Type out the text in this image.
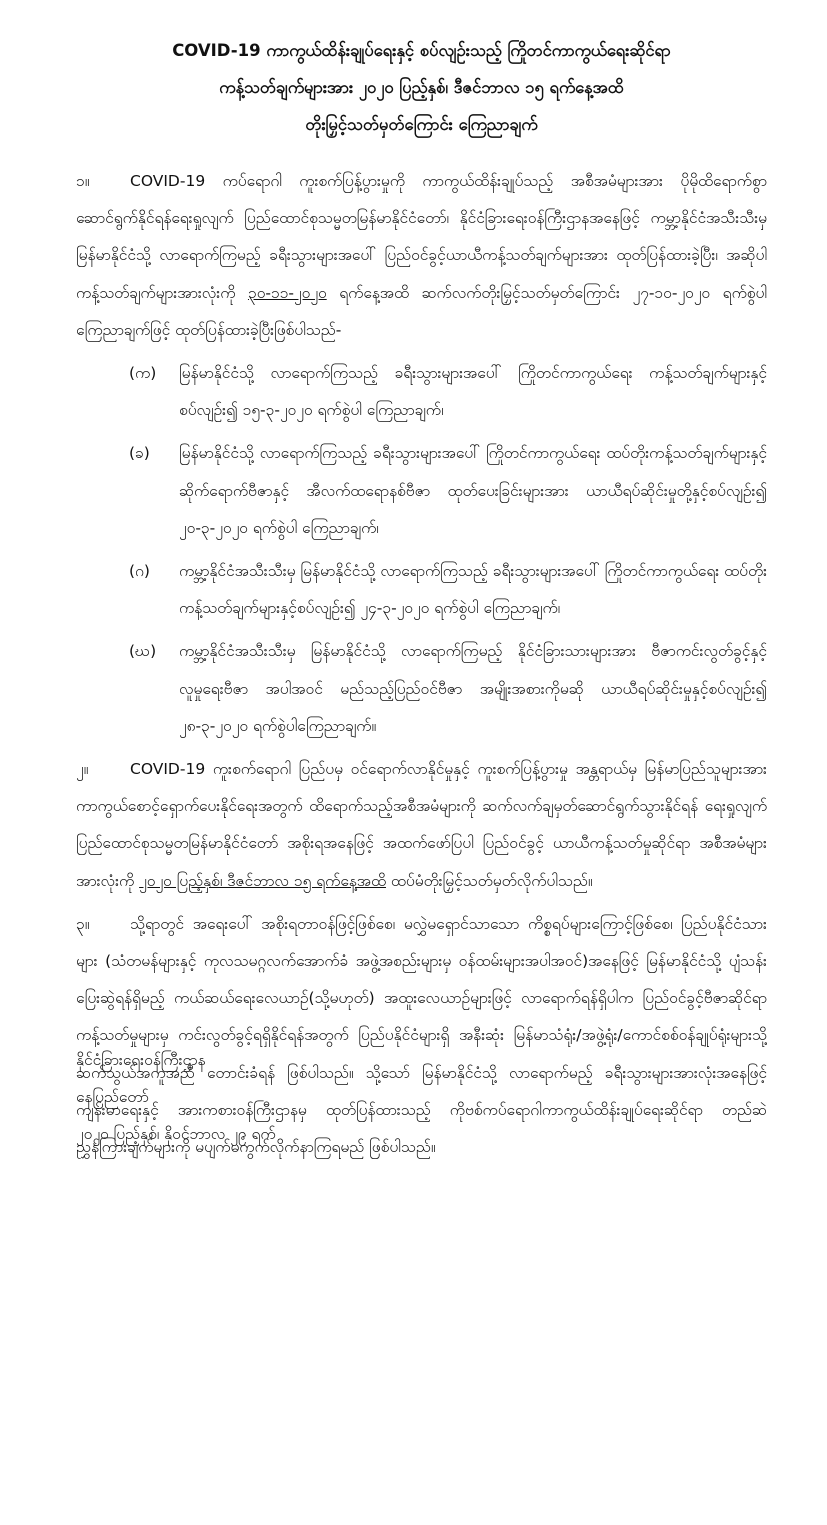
COVID-19 ကာကွယ်ထိန်းချုပ်ရေးနှင့် စပ်လျဉ်းသည့် ကြိုတင်ကာကွယ်ရေးဆိုင်ရာ
ကန့်သတ်ချက်များအား ၂၀၂၀ ပြည့်နှစ်၊ ဒီဇင်ဘာလ ၁၅ ရက်နေ့အထိ
တိုးမြှင့်သတ်မှတ်ကြောင်း ကြေညာချက်

၁။	COVID-19 ကပ်ရောဂါ ကူးစက်ပြန့်ပွားမှုကို ကာကွယ်ထိန်းချုပ်သည့် အစီအမံများအား ပိုမိုထိရောက်စွာ ဆောင်ရွက်နိုင်ရန်ရေးရှုလျက် ပြည်ထောင်စုသမ္မတမြန်မာနိုင်ငံတော်၊ နိုင်ငံခြားရေးဝန်ကြီးဌာနအနေဖြင့် ကမ္ဘာ့နိုင်ငံအသီးသီးမှ မြန်မာနိုင်ငံသို့ လာရောက်ကြမည့် ခရီးသွားများအပေါ် ပြည်ဝင်ခွင့်ယာယီကန့်သတ်ချက်များအား ထုတ်ပြန်ထားခဲ့ပြီး၊ အဆိုပါ ကန့်သတ်ချက်များအားလုံးကို ၃၀-၁၁-၂၀၂၀ ရက်နေ့အထိ ဆက်လက်တိုးမြှင့်သတ်မှတ်ကြောင်း ၂၇-၁၀-၂၀၂၀ ရက်စွဲပါကြေညာချက်ဖြင့် ထုတ်ပြန်ထားခဲ့ပြီးဖြစ်ပါသည်-

(က) မြန်မာနိုင်ငံသို့ လာရောက်ကြသည့် ခရီးသွားများအပေါ် ကြိုတင်ကာကွယ်ရေး ကန့်သတ်ချက်များနှင့်စပ်လျဉ်း၍ ၁၅-၃-၂၀၂၀ ရက်စွဲပါ ကြေညာချက်၊
(ခ) မြန်မာနိုင်ငံသို့ လာရောက်ကြသည့် ခရီးသွားများအပေါ် ကြိုတင်ကာကွယ်ရေး ထပ်တိုးကန့်သတ်ချက်များနှင့် ဆိုက်ရောက်ဗီဇာနှင့် အီလက်ထရောနစ်ဗီဇာ ထုတ်ပေးခြင်းများအား ယာယီရပ်ဆိုင်းမှုတို့နှင့်စပ်လျဉ်း၍ ၂၀-၃-၂၀၂၀ ရက်စွဲပါ ကြေညာချက်၊
(ဂ) ကမ္ဘာ့နိုင်ငံအသီးသီးမှ မြန်မာနိုင်ငံသို့ လာရောက်ကြသည့် ခရီးသွားများအပေါ် ကြိုတင်ကာကွယ်ရေး ထပ်တိုးကန့်သတ်ချက်များနှင့်စပ်လျဉ်း၍ ၂၄-၃-၂၀၂၀ ရက်စွဲပါ ကြေညာချက်၊
(ဃ) ကမ္ဘာ့နိုင်ငံအသီးသီးမှ မြန်မာနိုင်ငံသို့ လာရောက်ကြမည့် နိုင်ငံခြားသားများအား ဗီဇာကင်းလွတ်ခွင့်နှင့် လူမှုရေးဗီဇာ အပါအဝင် မည်သည့်ပြည်ဝင်ဗီဇာ အမျိုးအစားကိုမဆို ယာယီရပ်ဆိုင်းမှုနှင့်စပ်လျဉ်း၍ ၂၈-၃-၂၀၂၀ ရက်စွဲပါကြေညာချက်။

၂။	COVID-19 ကူးစက်ရောဂါ ပြည်ပမှ ဝင်ရောက်လာနိုင်မှုနှင့် ကူးစက်ပြန့်ပွားမှု အန္တရာယ်မှ မြန်မာပြည်သူများအား ကာကွယ်စောင့်ရှောက်ပေးနိုင်ရေးအတွက် ထိရောက်သည့်အစီအမံများကို ဆက်လက်ချမှတ်ဆောင်ရွက်သွားနိုင်ရန် ရေးရှုလျက် ပြည်ထောင်စုသမ္မတမြန်မာနိုင်ငံတော် အစိုးရအနေဖြင့် အထက်ဖော်ပြပါ ပြည်ဝင်ခွင့် ယာယီကန့်သတ်မှုဆိုင်ရာ အစီအမံများအားလုံးကို ၂၀၂၀ ပြည့်နှစ်၊ ဒီဇင်ဘာလ ၁၅ ရက်နေ့အထိ ထပ်မံတိုးမြှင့်သတ်မှတ်လိုက်ပါသည်။

၃။	သို့ရာတွင် အရေးပေါ် အစိုးရတာဝန်ဖြင့်ဖြစ်စေ၊ မလွှဲမရှောင်သာသော ကိစ္စရပ်များကြောင့်ဖြစ်စေ၊ ပြည်ပနိုင်ငံသားများ (သံတမန်များနှင့် ကုလသမဂ္ဂလက်အောက်ခံ အဖွဲ့အစည်းများမှ ဝန်ထမ်းများအပါအဝင်)အနေဖြင့် မြန်မာနိုင်ငံသို့ ပျံသန်းပြေးဆွဲရန်ရှိမည့် ကယ်ဆယ်ရေးလေယာဉ်(သို့မဟုတ်) အထူးလေယာဉ်များဖြင့် လာရောက်ရန်ရှိပါက ပြည်ဝင်ခွင့်ဗီဇာဆိုင်ရာ ကန့်သတ်မှုများမှ ကင်းလွတ်ခွင့်ရရှိနိုင်ရန်အတွက် ပြည်ပနိုင်ငံများရှိ အနီးဆုံး မြန်မာသံရုံး/အဖွဲ့ရုံး/ကောင်စစ်ဝန်ချုပ်ရုံးများသို့ ဆက်သွယ်အကူအညီ တောင်းခံရန် ဖြစ်ပါသည်။ သို့သော် မြန်မာနိုင်ငံသို့ လာရောက်မည့် ခရီးသွားများအားလုံးအနေဖြင့် ကျန်းမာရေးနှင့် အားကစားဝန်ကြီးဌာနမှ ထုတ်ပြန်ထားသည့် ကိုဗစ်ကပ်ရောဂါကာကွယ်ထိန်းချုပ်ရေးဆိုင်ရာ တည်ဆဲညွှန်ကြားချက်များကို မပျက်မကွက်လိုက်နာကြရမည် ဖြစ်ပါသည်။

နိုင်ငံခြားရေးဝန်ကြီးဌာန
နေပြည်တော်
၂၀၂၀ ပြည့်နှစ်၊ နိုဝင်ဘာလ ၂၉ ရက်
